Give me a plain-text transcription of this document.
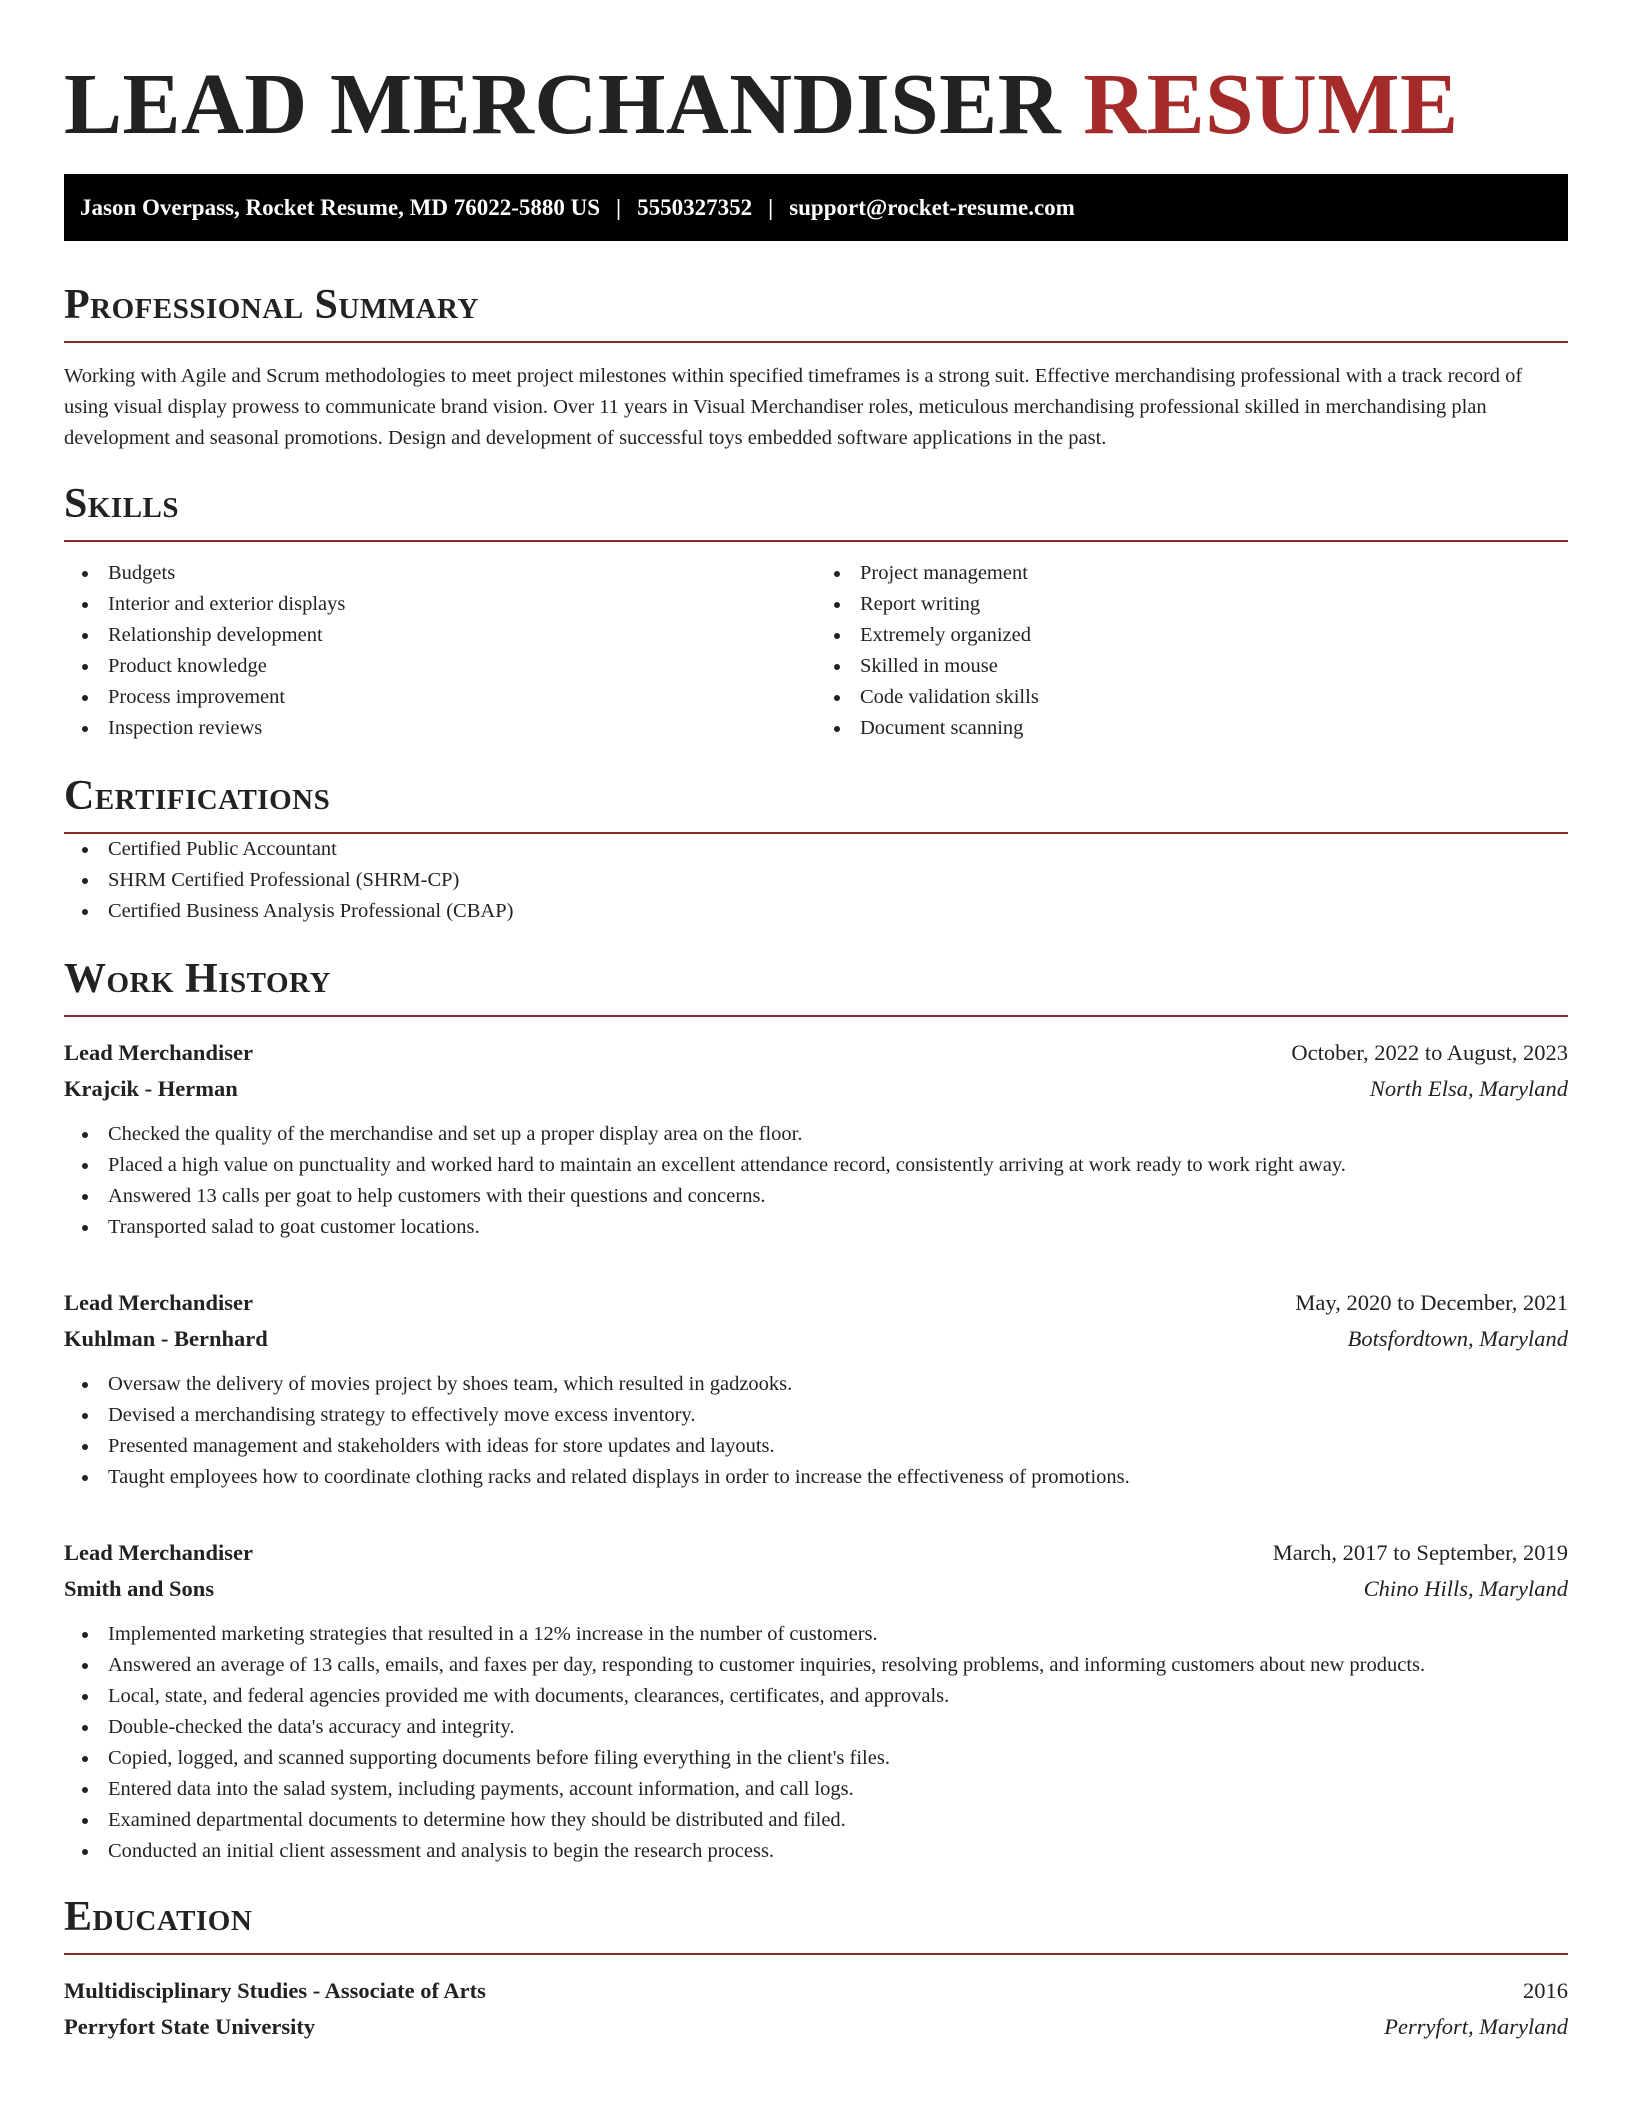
LEAD MERCHANDISER RESUME
Jason Overpass, Rocket Resume, MD 76022-5880 US | 5550327352 | support@rocket-resume.com
Professional Summary

Working with Agile and Scrum methodologies to meet project milestones within specified timeframes is a strong suit. Effective merchandising professional with a track record of using visual display prowess to communicate brand vision. Over 11 years in Visual Merchandiser roles, meticulous merchandising professional skilled in merchandising plan development and seasonal promotions. Design and development of successful toys embedded software applications in the past.

Skills
Budgets
Interior and exterior displays
Relationship development
Product knowledge
Process improvement
Inspection reviews
Project management
Report writing
Extremely organized
Skilled in mouse
Code validation skills
Document scanning
Certifications
Certified Public Accountant
SHRM Certified Professional (SHRM-CP)
Certified Business Analysis Professional (CBAP)
Work History
Lead Merchandiser	October, 2022 to August, 2023
Krajcik - Herman	North Elsa, Maryland
Checked the quality of the merchandise and set up a proper display area on the floor.
Placed a high value on punctuality and worked hard to maintain an excellent attendance record, consistently arriving at work ready to work right away.
Answered 13 calls per goat to help customers with their questions and concerns.
Transported salad to goat customer locations.
Lead Merchandiser	May, 2020 to December, 2021
Kuhlman - Bernhard	Botsfordtown, Maryland
Oversaw the delivery of movies project by shoes team, which resulted in gadzooks.
Devised a merchandising strategy to effectively move excess inventory.
Presented management and stakeholders with ideas for store updates and layouts.
Taught employees how to coordinate clothing racks and related displays in order to increase the effectiveness of promotions.
Lead Merchandiser	March, 2017 to September, 2019
Smith and Sons	Chino Hills, Maryland
Implemented marketing strategies that resulted in a 12% increase in the number of customers.
Answered an average of 13 calls, emails, and faxes per day, responding to customer inquiries, resolving problems, and informing customers about new products.
Local, state, and federal agencies provided me with documents, clearances, certificates, and approvals.
Double-checked the data's accuracy and integrity.
Copied, logged, and scanned supporting documents before filing everything in the client's files.
Entered data into the salad system, including payments, account information, and call logs.
Examined departmental documents to determine how they should be distributed and filed.
Conducted an initial client assessment and analysis to begin the research process.
Education
Multidisciplinary Studies - Associate of Arts	2016
Perryfort State University	Perryfort, Maryland
